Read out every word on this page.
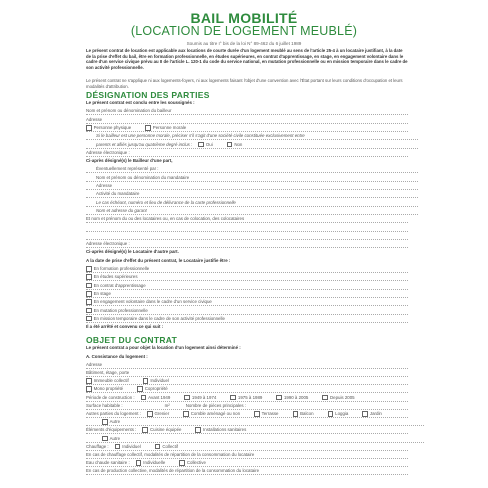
BAIL MOBILITÉ
(LOCATION DE LOGEMENT MEUBLÉ)
Soumis au titre I° bis de la loi N° 89-462 du 6 juillet 1989
Le présent contrat de location est applicable aux locations de courte durée d'un logement meublé au sens de l'article 25-4 à un locataire justifiant, à la date de la prise d'effet du bail, être en formation professionnelle, en études supérieures, en contrat d'apprentissage, en stage, en engagement volontaire dans le cadre d'un service civique prévu au II de l'article L. 120-1 du code du service national, en mutation professionnelle ou en mission temporaire dans le cadre de son activité professionnelle.
Le présent contrat ne s'applique ni aux logements-foyers, ni aux logements faisant l'objet d'une convention avec l'État portant sur leurs conditions d'occupation et leurs modalités d'attribution.
DÉSIGNATION DES PARTIES
Le présent contrat est conclu entre les soussignés :
Nom et prénom ou dénomination du bailleur
Adresse
Personne physique	Personne morale
Si le bailleur est une personne morale, préciser s'il s'agit d'une société civile constituée exclusivement entre
parents et alliés jusqu'au quatrième degré inclus :	Oui	Non
Adresse électronique :
Ci-après désigné(s) le Bailleur d'une part,
Éventuellement représenté par :
Nom et prénom ou dénomination du mandataire
Adresse
Activité du mandataire
Le cas échéant, numéro et lieu de délivrance de la carte professionnelle
Nom et adresse du garant
Et nom et prénom du ou des locataires ou, en cas de colocation, des colocataires
Adresse électronique :
Ci-après désigné(s) le Locataire d'autre part.
A la date de prise d'effet du présent contrat, le Locataire justifie être :
En formation professionnelle
En études supérieures
En contrat d'apprentissage
En stage
En engagement volontaire dans le cadre d'un service civique
En mutation professionnelle
En mission temporaire dans le cadre de son activité professionnelle
Il a été arrêté et convenu ce qui suit :
OBJET DU CONTRAT
Le présent contrat a pour objet la location d'un logement ainsi déterminé :
A. Consistance du logement :
Adresse
Bâtiment, étage, porte
Immeuble collectif	Individuel
Mono propriété	Copropriété
Période de construction :	Avant 1949	1949 à 1974	1975 à 1989	1990 à 2005	Depuis 2005
Surface habitable :	m²	Nombre de pièces principales :
Autres parties du logement :	Grenier	Comble aménagé ou non	Terrasse	Balcon	Loggia	Jardin
Autre
Éléments d'équipements :	Cuisine équipée	Installations sanitaires
Autre
Chauffage :	Individuel	Collectif
En cas de chauffage collectif, modalités de répartition de la consommation du locataire
Eau chaude sanitaire :	Individuelle	Collective
En cas de production collective, modalités de répartition de la consommation du locataire
